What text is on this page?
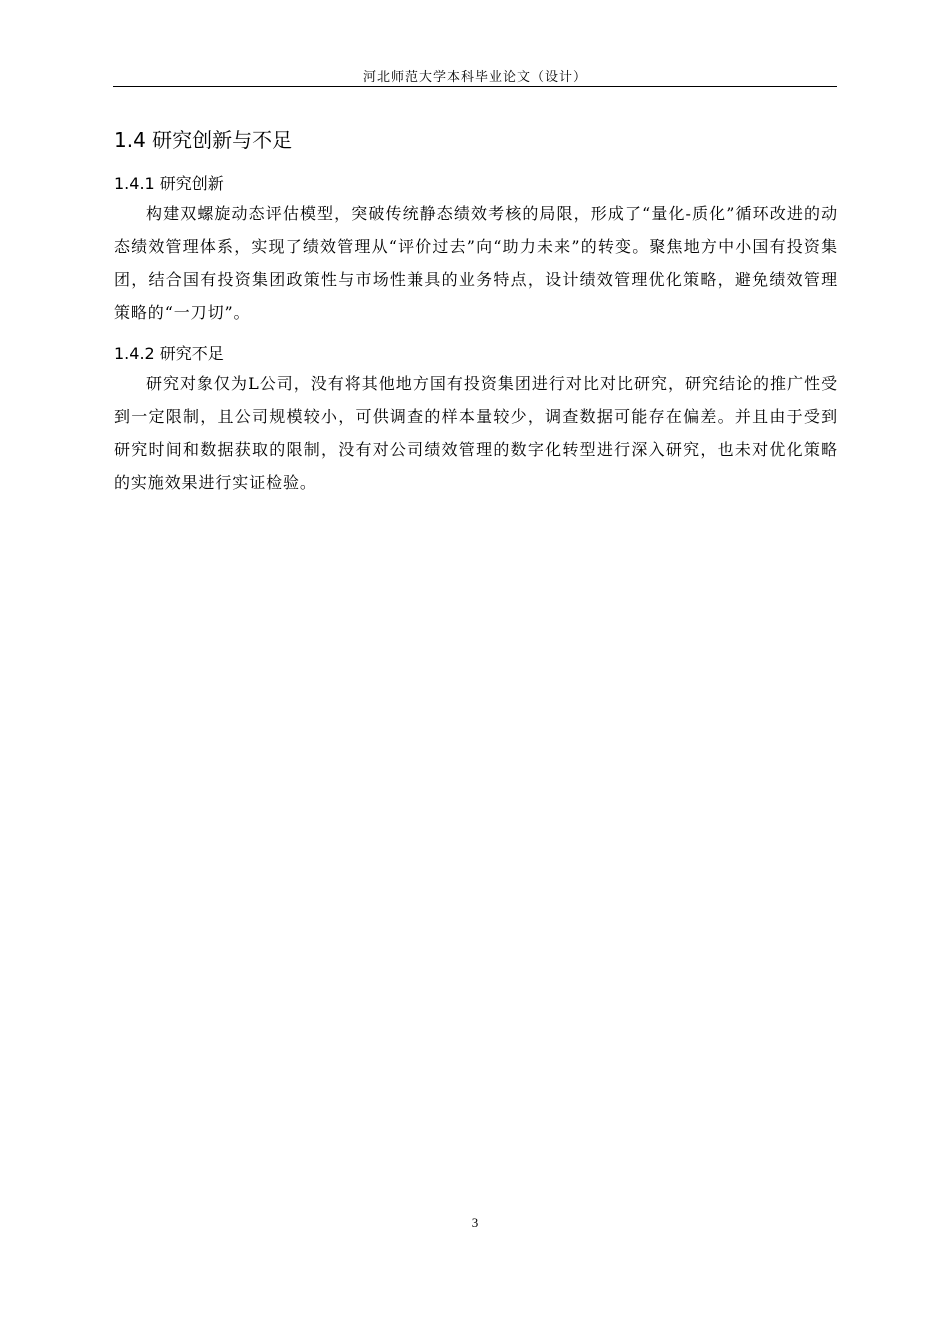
河北师范大学本科毕业论文（设计）
1.4 研究创新与不足
1.4.1 研究创新

构建双螺旋动态评估模型，突破传统静态绩效考核的局限，形成了“量化-质化”循环改进的动态绩效管理体系，实现了绩效管理从“评价过去”向“助力未来”的转变。聚焦地方中小国有投资集团，结合国有投资集团政策性与市场性兼具的业务特点，设计绩效管理优化策略，避免绩效管理策略的“一刀切”。

1.4.2 研究不足

研究对象仅为L公司，没有将其他地方国有投资集团进行对比对比研究，研究结论的推广性受到一定限制，且公司规模较小，可供调查的样本量较少，调查数据可能存在偏差。并且由于受到研究时间和数据获取的限制，没有对公司绩效管理的数字化转型进行深入研究，也未对优化策略的实施效果进行实证检验。

3
